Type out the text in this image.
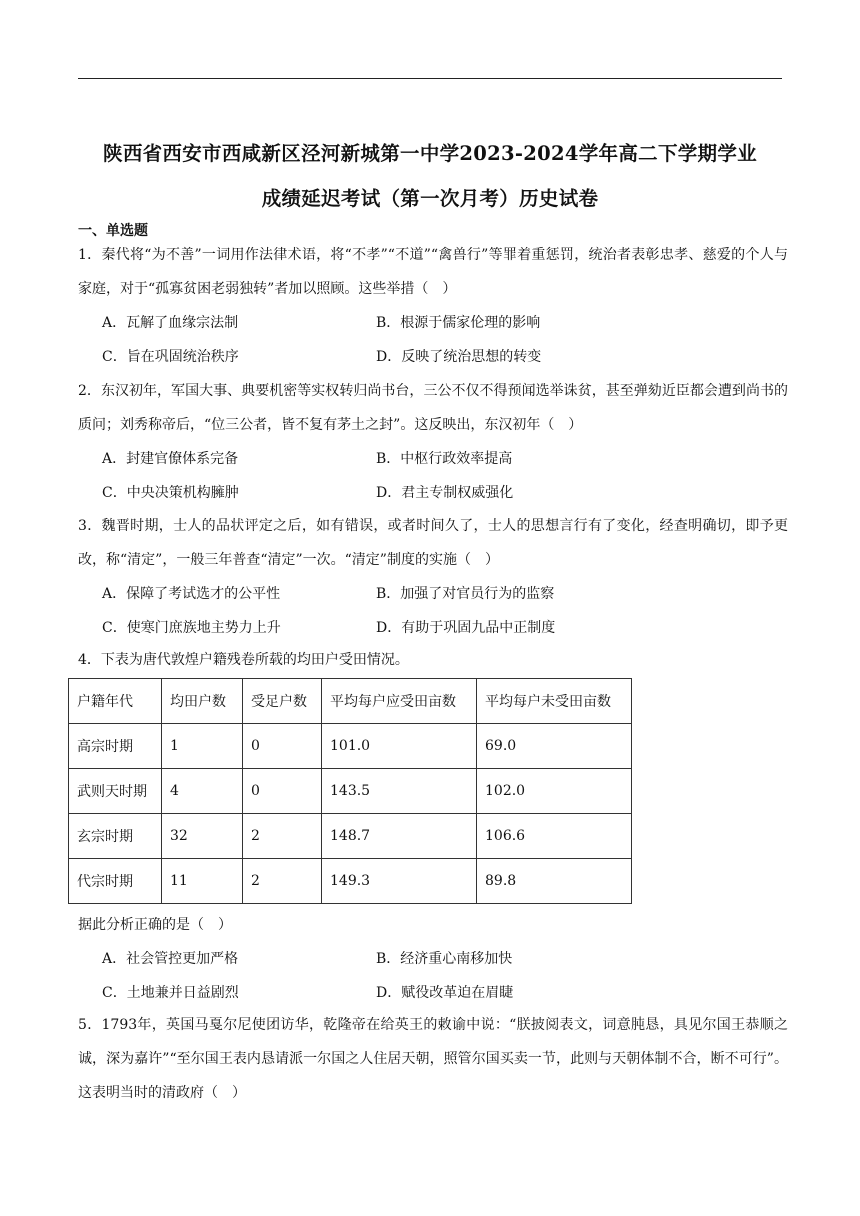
陕西省西安市西咸新区泾河新城第一中学2023-2024学年高二下学期学业
成绩延迟考试（第一次月考）历史试卷
一、单选题
1．秦代将“为不善”一词用作法律术语，将“不孝”“不道”“禽兽行”等罪着重惩罚，统治者表彰忠孝、慈爱的个人与家庭，对于“孤寡贫困老弱独转”者加以照顾。这些举措（　）
A．瓦解了血缘宗法制	B．根源于儒家伦理的影响
C．旨在巩固统治秩序	D．反映了统治思想的转变
2．东汉初年，军国大事、典要机密等实权转归尚书台，三公不仅不得预闻选举诛贫，甚至弹劾近臣都会遭到尚书的质问；刘秀称帝后，“位三公者，皆不复有茅土之封”。这反映出，东汉初年（　）
A．封建官僚体系完备	B．中枢行政效率提高
C．中央决策机构臃肿	D．君主专制权威强化
3．魏晋时期，士人的品状评定之后，如有错误，或者时间久了，士人的思想言行有了变化，经查明确切，即予更改，称“清定”，一般三年普查“清定”一次。“清定”制度的实施（　）
A．保障了考试选才的公平性	B．加强了对官员行为的监察
C．使寒门庶族地主势力上升	D．有助于巩固九品中正制度
4．下表为唐代敦煌户籍残卷所载的均田户受田情况。
户籍年代	均田户数	受足户数	平均每户应受田亩数	平均每户未受田亩数
高宗时期	1	0	101.0	69.0
武则天时期	4	0	143.5	102.0
玄宗时期	32	2	148.7	106.6
代宗时期	11	2	149.3	89.8
据此分析正确的是（　）
A．社会管控更加严格	B．经济重心南移加快
C．土地兼并日益剧烈	D．赋役改革迫在眉睫
5．1793年，英国马戛尔尼使团访华，乾隆帝在给英王的敕谕中说：“朕披阅表文，词意肫恳，具见尔国王恭顺之诚，深为嘉许”“至尔国王表内恳请派一尔国之人住居天朝，照管尔国买卖一节，此则与天朝体制不合，断不可行”。这表明当时的清政府（　）
